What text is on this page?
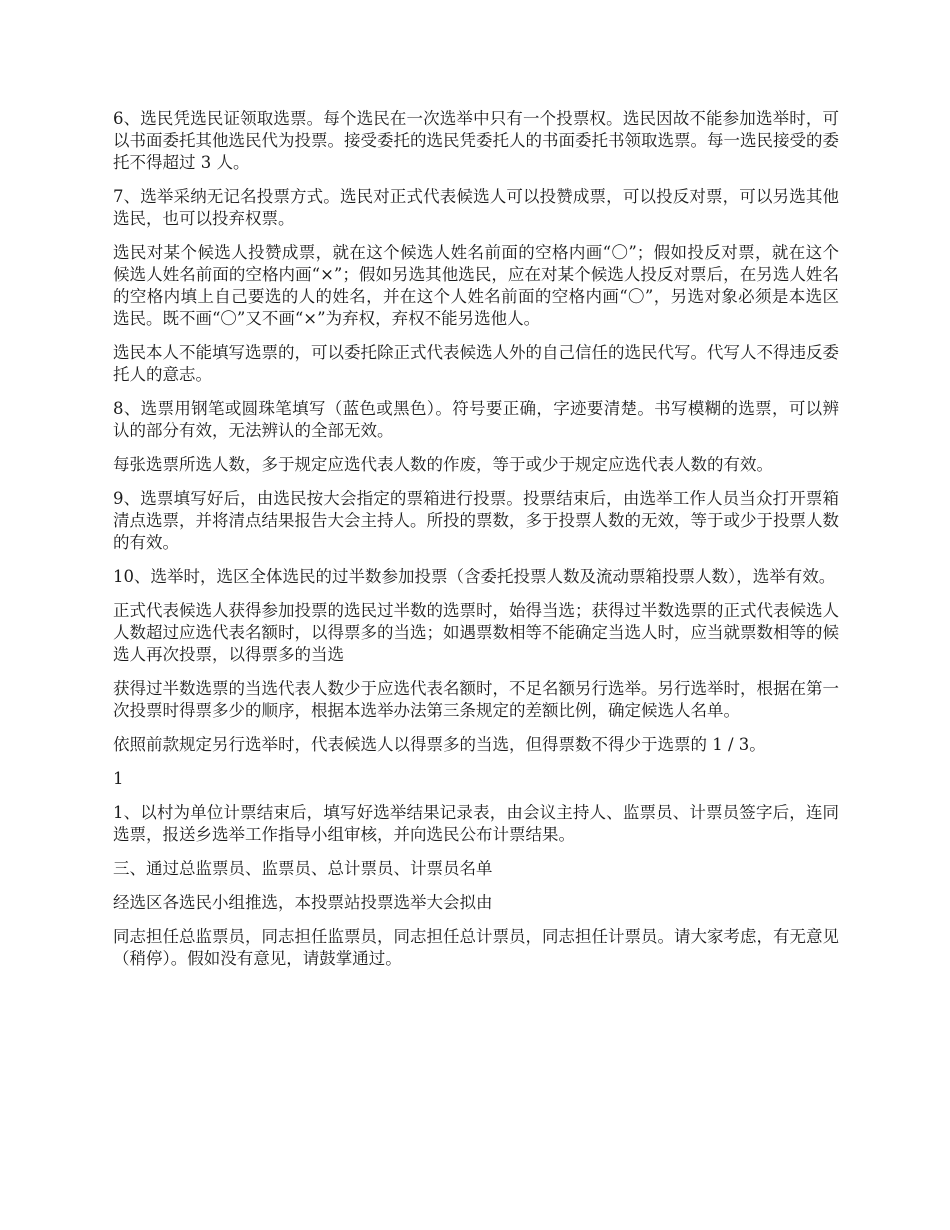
6、选民凭选民证领取选票。每个选民在一次选举中只有一个投票权。选民因故不能参加选举时，可以书面委托其他选民代为投票。接受委托的选民凭委托人的书面委托书领取选票。每一选民接受的委托不得超过 3 人。

7、选举采纳无记名投票方式。选民对正式代表候选人可以投赞成票，可以投反对票，可以另选其他选民，也可以投弃权票。

选民对某个候选人投赞成票，就在这个候选人姓名前面的空格内画“〇”；假如投反对票，就在这个候选人姓名前面的空格内画“×”；假如另选其他选民，应在对某个候选人投反对票后，在另选人姓名的空格内填上自己要选的人的姓名，并在这个人姓名前面的空格内画“〇”，另选对象必须是本选区选民。既不画“〇”又不画“×”为弃权，弃权不能另选他人。

选民本人不能填写选票的，可以委托除正式代表候选人外的自己信任的选民代写。代写人不得违反委托人的意志。

8、选票用钢笔或圆珠笔填写（蓝色或黑色）。符号要正确，字迹要清楚。书写模糊的选票，可以辨认的部分有效，无法辨认的全部无效。

每张选票所选人数，多于规定应选代表人数的作废，等于或少于规定应选代表人数的有效。

9、选票填写好后，由选民按大会指定的票箱进行投票。投票结束后，由选举工作人员当众打开票箱清点选票，并将清点结果报告大会主持人。所投的票数，多于投票人数的无效，等于或少于投票人数的有效。

10、选举时，选区全体选民的过半数参加投票（含委托投票人数及流动票箱投票人数），选举有效。

正式代表候选人获得参加投票的选民过半数的选票时，始得当选；获得过半数选票的正式代表候选人人数超过应选代表名额时，以得票多的当选；如遇票数相等不能确定当选人时，应当就票数相等的候选人再次投票，以得票多的当选

获得过半数选票的当选代表人数少于应选代表名额时，不足名额另行选举。另行选举时，根据在第一次投票时得票多少的顺序，根据本选举办法第三条规定的差额比例，确定候选人名单。

依照前款规定另行选举时，代表候选人以得票多的当选，但得票数不得少于选票的 1 / 3。

1

1、以村为单位计票结束后，填写好选举结果记录表，由会议主持人、监票员、计票员签字后，连同选票，报送乡选举工作指导小组审核，并向选民公布计票结果。

三、通过总监票员、监票员、总计票员、计票员名单

经选区各选民小组推选，本投票站投票选举大会拟由

同志担任总监票员，同志担任监票员，同志担任总计票员，同志担任计票员。请大家考虑，有无意见（稍停）。假如没有意见，请鼓掌通过。
